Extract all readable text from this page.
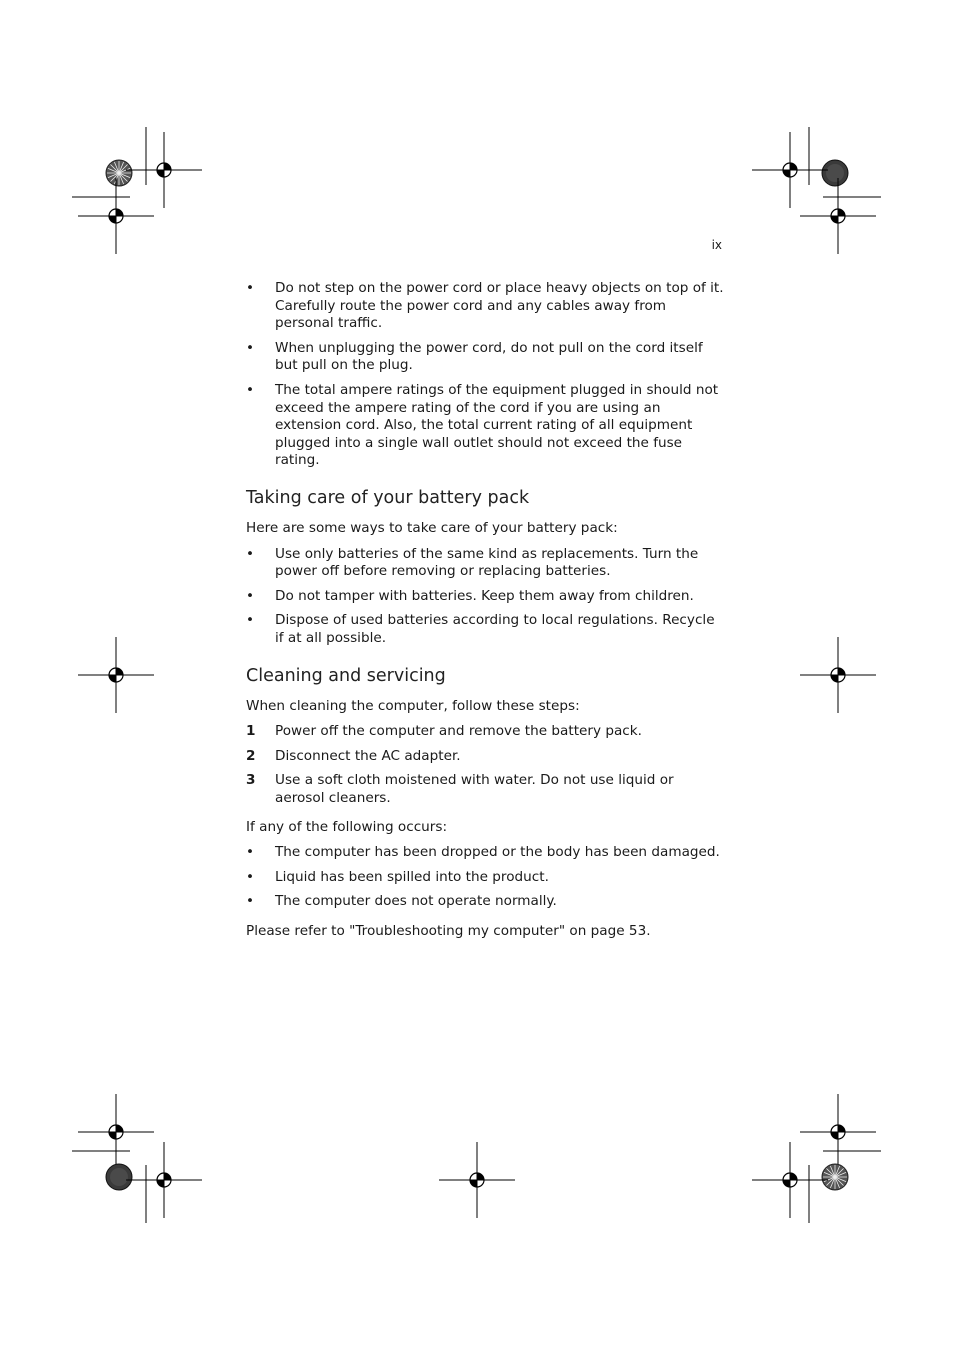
ix
• Do not step on the power cord or place heavy objects on top of it. Carefully route the power cord and any cables away from personal traffic.
• When unplugging the power cord, do not pull on the cord itself but pull on the plug.
• The total ampere ratings of the equipment plugged in should not exceed the ampere rating of the cord if you are using an extension cord. Also, the total current rating of all equipment plugged into a single wall outlet should not exceed the fuse rating.
Taking care of your battery pack

Here are some ways to take care of your battery pack:

• Use only batteries of the same kind as replacements. Turn the power off before removing or replacing batteries.
• Do not tamper with batteries. Keep them away from children.
• Dispose of used batteries according to local regulations. Recycle if at all possible.
Cleaning and servicing

When cleaning the computer, follow these steps:

1 Power off the computer and remove the battery pack.
2 Disconnect the AC adapter.
3 Use a soft cloth moistened with water. Do not use liquid or aerosol cleaners.

If any of the following occurs:

• The computer has been dropped or the body has been damaged.
• Liquid has been spilled into the product.
• The computer does not operate normally.

Please refer to "Troubleshooting my computer" on page 53.
